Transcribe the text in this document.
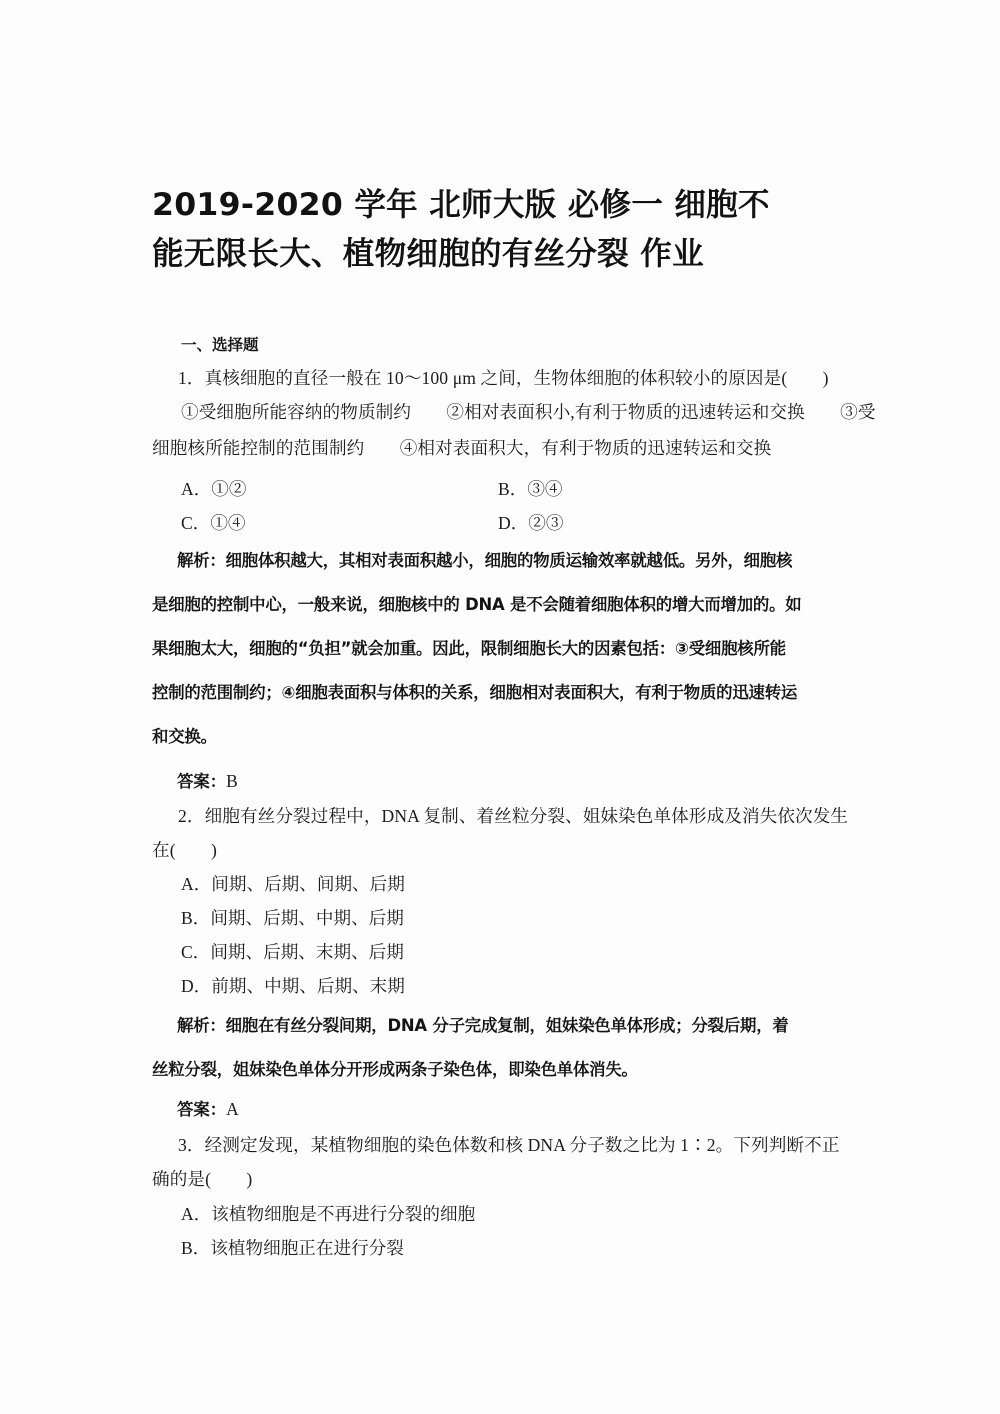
2019-2020 学年 北师大版 必修一 细胞不
能无限长大、植物细胞的有丝分裂 作业
一、选择题
1．真核细胞的直径一般在 10～100 μm 之间，生物体细胞的体积较小的原因是(　　)
①受细胞所能容纳的物质制约　　②相对表面积小,有利于物质的迅速转运和交换　　③受
细胞核所能控制的范围制约　　④相对表面积大，有利于物质的迅速转运和交换
A．①②	B．③④
C．①④	D．②③
解析：细胞体积越大，其相对表面积越小，细胞的物质运输效率就越低。另外，细胞核
是细胞的控制中心，一般来说，细胞核中的 DNA 是不会随着细胞体积的增大而增加的。如
果细胞太大，细胞的“负担”就会加重。因此，限制细胞长大的因素包括：③受细胞核所能
控制的范围制约；④细胞表面积与体积的关系，细胞相对表面积大，有利于物质的迅速转运
和交换。
答案：B
2．细胞有丝分裂过程中，DNA 复制、着丝粒分裂、姐妹染色单体形成及消失依次发生
在(　　)
A．间期、后期、间期、后期
B．间期、后期、中期、后期
C．间期、后期、末期、后期
D．前期、中期、后期、末期
解析：细胞在有丝分裂间期，DNA 分子完成复制，姐妹染色单体形成；分裂后期，着
丝粒分裂，姐妹染色单体分开形成两条子染色体，即染色单体消失。
答案：A
3．经测定发现，某植物细胞的染色体数和核 DNA 分子数之比为 1∶2。下列判断不正
确的是(　　)
A．该植物细胞是不再进行分裂的细胞
B．该植物细胞正在进行分裂
